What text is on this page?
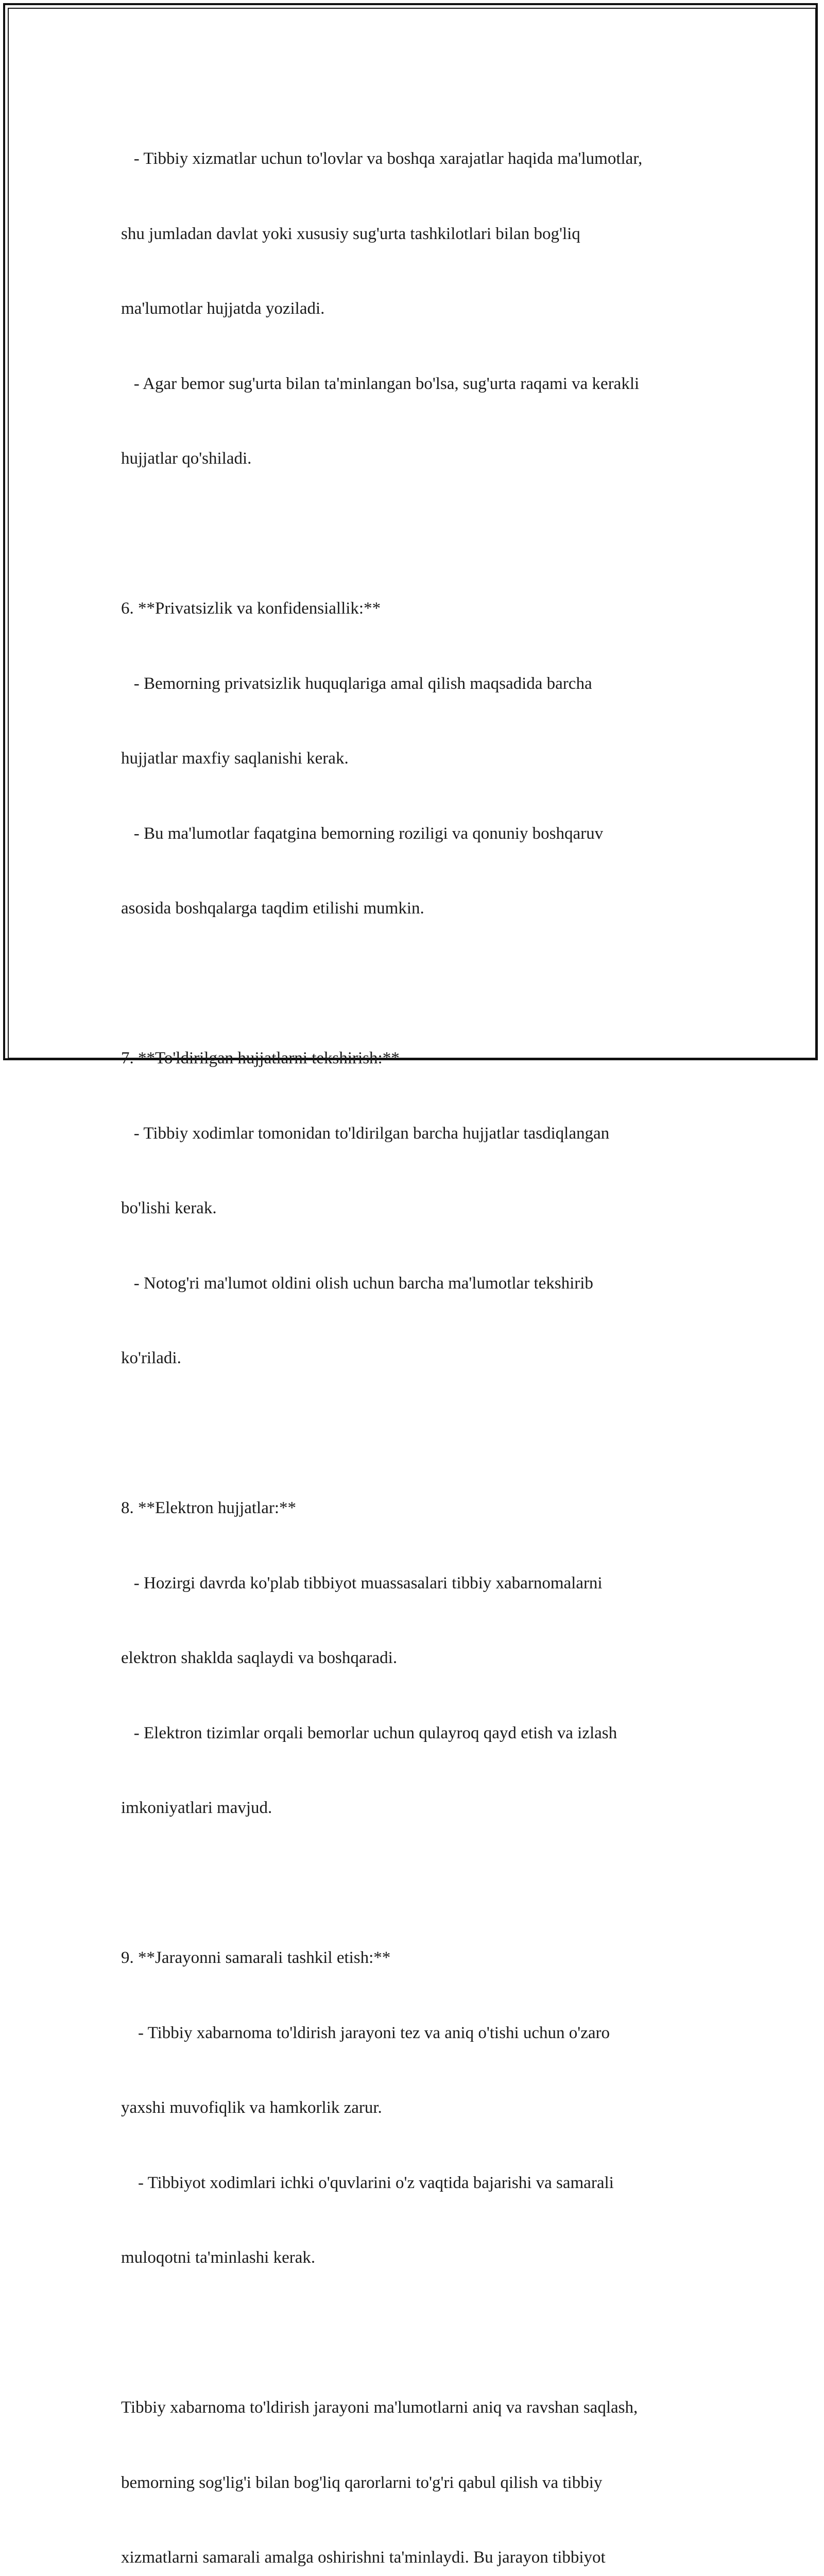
- Tibbiy xizmatlar uchun to'lovlar va boshqa xarajatlar haqida ma'lumotlar,

shu jumladan davlat yoki xususiy sug'urta tashkilotlari bilan bog'liq

ma'lumotlar hujjatda yoziladi.

- Agar bemor sug'urta bilan ta'minlangan bo'lsa, sug'urta raqami va kerakli

hujjatlar qo'shiladi.

6. **Privatsizlik va konfidensiallik:**

- Bemorning privatsizlik huquqlariga amal qilish maqsadida barcha

hujjatlar maxfiy saqlanishi kerak.

- Bu ma'lumotlar faqatgina bemorning roziligi va qonuniy boshqaruv

asosida boshqalarga taqdim etilishi mumkin.

7. **To'ldirilgan hujjatlarni tekshirish:**

- Tibbiy xodimlar tomonidan to'ldirilgan barcha hujjatlar tasdiqlangan

bo'lishi kerak.

- Notog'ri ma'lumot oldini olish uchun barcha ma'lumotlar tekshirib

ko'riladi.

8. **Elektron hujjatlar:**

- Hozirgi davrda ko'plab tibbiyot muassasalari tibbiy xabarnomalarni

elektron shaklda saqlaydi va boshqaradi.

- Elektron tizimlar orqali bemorlar uchun qulayroq qayd etish va izlash

imkoniyatlari mavjud.

9. **Jarayonni samarali tashkil etish:**

- Tibbiy xabarnoma to'ldirish jarayoni tez va aniq o'tishi uchun o'zaro

yaxshi muvofiqlik va hamkorlik zarur.

- Tibbiyot xodimlari ichki o'quvlarini o'z vaqtida bajarishi va samarali

muloqotni ta'minlashi kerak.

Tibbiy xabarnoma to'ldirish jarayoni ma'lumotlarni aniq va ravshan saqlash,

bemorning sog'lig'i bilan bog'liq qarorlarni to'g'ri qabul qilish va tibbiy

xizmatlarni samarali amalga oshirishni ta'minlaydi. Bu jarayon tibbiyot
